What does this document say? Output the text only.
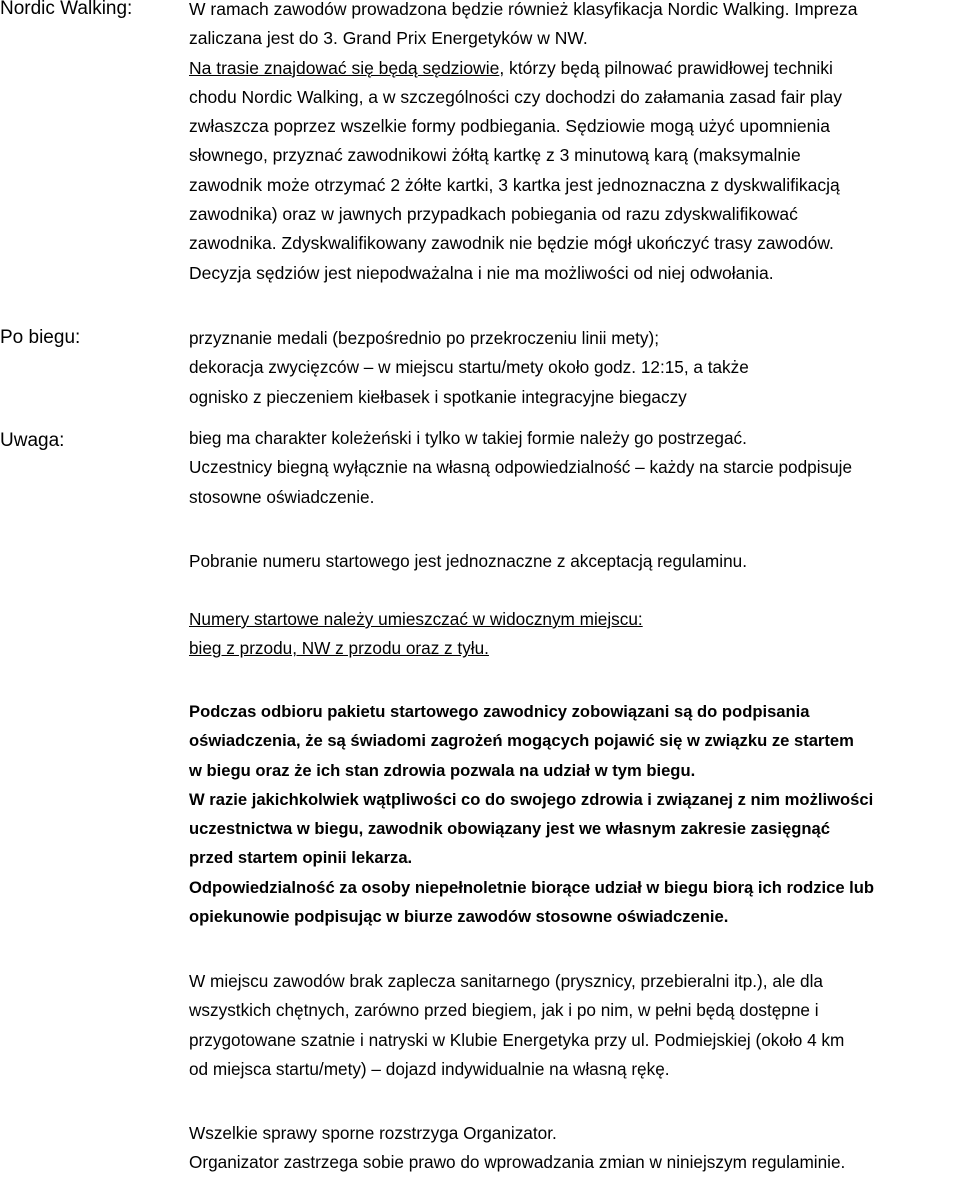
Nordic Walking:	W ramach zawodów prowadzona będzie również klasyfikacja Nordic Walking. Impreza
zaliczana jest do 3. Grand Prix Energetyków w NW.
Na trasie znajdować się będą sędziowie, którzy będą pilnować prawidłowej techniki
chodu Nordic Walking, a w szczególności czy dochodzi do załamania zasad fair play
zwłaszcza poprzez wszelkie formy podbiegania. Sędziowie mogą użyć upomnienia
słownego, przyznać zawodnikowi żółtą kartkę z 3 minutową karą (maksymalnie
zawodnik może otrzymać 2 żółte kartki, 3 kartka jest jednoznaczna z dyskwalifikacją
zawodnika) oraz w jawnych przypadkach pobiegania od razu zdyskwalifikować
zawodnika. Zdyskwalifikowany zawodnik nie będzie mógł ukończyć trasy zawodów.
Decyzja sędziów jest niepodważalna i nie ma możliwości od niej odwołania.
Po biegu:	przyznanie medali (bezpośrednio po przekroczeniu linii mety);
dekoracja zwycięzców – w miejscu startu/mety około godz. 12:15, a także
ognisko z pieczeniem kiełbasek i spotkanie integracyjne biegaczy
Uwaga:	bieg ma charakter koleżeński i tylko w takiej formie należy go postrzegać.
Uczestnicy biegną wyłącznie na własną odpowiedzialność – każdy na starcie podpisuje
stosowne oświadczenie.
Pobranie numeru startowego jest jednoznaczne z akceptacją regulaminu.
Numery startowe należy umieszczać w widocznym miejscu:
bieg z przodu, NW z przodu oraz z tyłu.
Podczas odbioru pakietu startowego zawodnicy zobowiązani są do podpisania
oświadczenia, że są świadomi zagrożeń mogących pojawić się w związku ze startem
w biegu oraz że ich stan zdrowia pozwala na udział w tym biegu.
W razie jakichkolwiek wątpliwości co do swojego zdrowia i związanej z nim możliwości
uczestnictwa w biegu, zawodnik obowiązany jest we własnym zakresie zasięgnąć
przed startem opinii lekarza.
Odpowiedzialność za osoby niepełnoletnie biorące udział w biegu biorą ich rodzice lub
opiekunowie podpisując w biurze zawodów stosowne oświadczenie.
W miejscu zawodów brak zaplecza sanitarnego (prysznicy, przebieralni itp.), ale dla
wszystkich chętnych, zarówno przed biegiem, jak i po nim, w pełni będą dostępne i
przygotowane szatnie i natryski w Klubie Energetyka przy ul. Podmiejskiej (około 4 km
od miejsca startu/mety) – dojazd indywidualnie na własną rękę.
Wszelkie sprawy sporne rozstrzyga Organizator.
Organizator zastrzega sobie prawo do wprowadzania zmian w niniejszym regulaminie.
